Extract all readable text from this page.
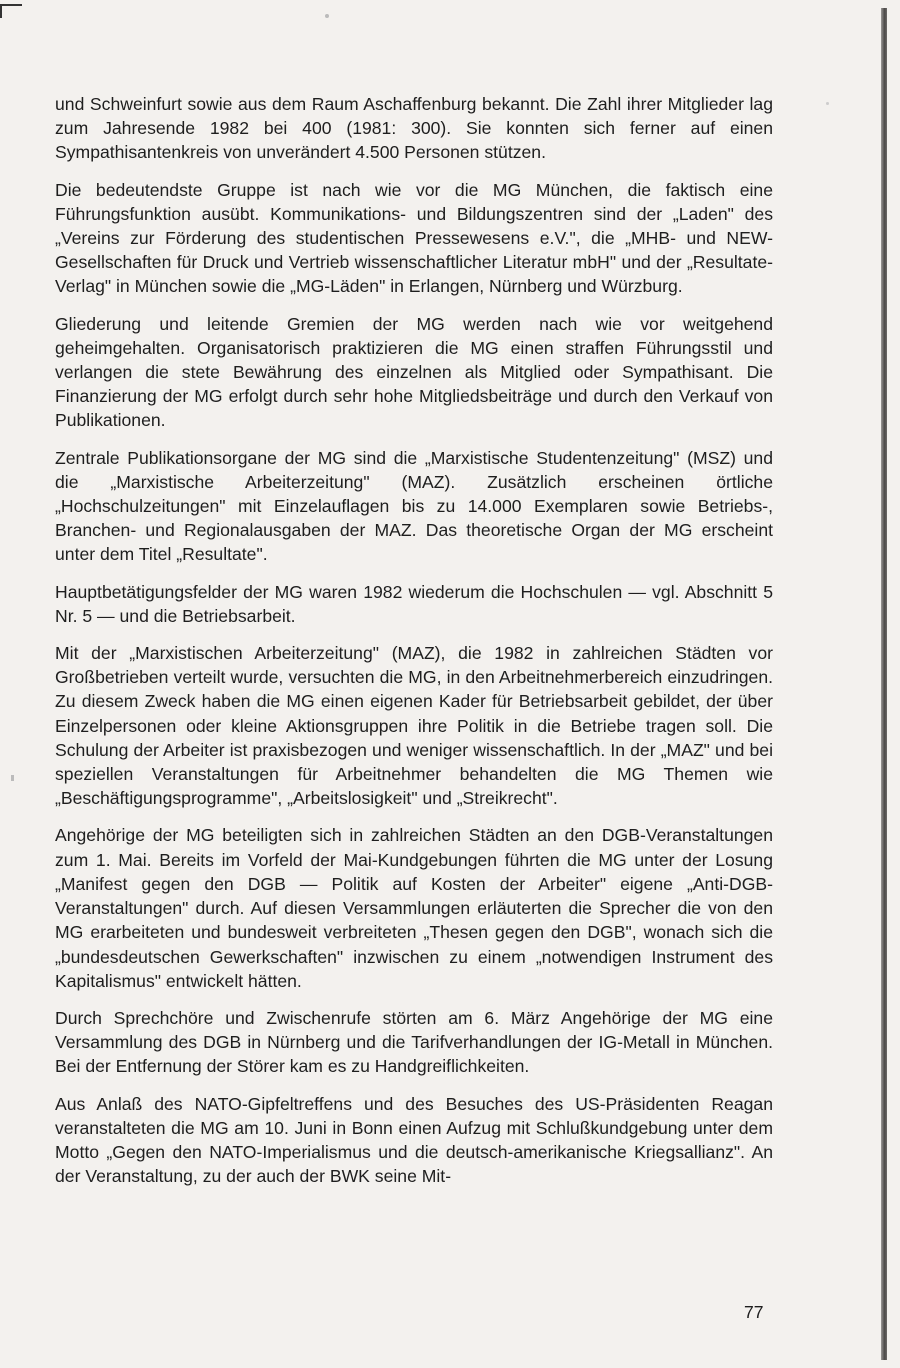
und Schweinfurt sowie aus dem Raum Aschaffenburg bekannt. Die Zahl ihrer Mitglieder lag zum Jahresende 1982 bei 400 (1981: 300). Sie konnten sich ferner auf einen Sympathisantenkreis von unverändert 4.500 Personen stützen.

Die bedeutendste Gruppe ist nach wie vor die MG München, die faktisch eine Führungsfunktion ausübt. Kommunikations- und Bildungszentren sind der „Laden" des „Vereins zur Förderung des studentischen Pressewesens e.V.", die „MHB- und NEW-Gesellschaften für Druck und Vertrieb wissenschaftlicher Literatur mbH" und der „Resultate-Verlag" in München sowie die „MG-Läden" in Erlangen, Nürnberg und Würzburg.

Gliederung und leitende Gremien der MG werden nach wie vor weitgehend geheimgehalten. Organisatorisch praktizieren die MG einen straffen Führungsstil und verlangen die stete Bewährung des einzelnen als Mitglied oder Sympathisant. Die Finanzierung der MG erfolgt durch sehr hohe Mitgliedsbeiträge und durch den Verkauf von Publikationen.

Zentrale Publikationsorgane der MG sind die „Marxistische Studentenzeitung" (MSZ) und die „Marxistische Arbeiterzeitung" (MAZ). Zusätzlich erscheinen örtliche „Hochschulzeitungen" mit Einzelauflagen bis zu 14.000 Exemplaren sowie Betriebs-, Branchen- und Regionalausgaben der MAZ. Das theoretische Organ der MG erscheint unter dem Titel „Resultate".

Hauptbetätigungsfelder der MG waren 1982 wiederum die Hochschulen — vgl. Abschnitt 5 Nr. 5 — und die Betriebsarbeit.

Mit der „Marxistischen Arbeiterzeitung" (MAZ), die 1982 in zahlreichen Städten vor Großbetrieben verteilt wurde, versuchten die MG, in den Arbeitnehmerbereich einzudringen. Zu diesem Zweck haben die MG einen eigenen Kader für Betriebsarbeit gebildet, der über Einzelpersonen oder kleine Aktionsgruppen ihre Politik in die Betriebe tragen soll. Die Schulung der Arbeiter ist praxisbezogen und weniger wissenschaftlich. In der „MAZ" und bei speziellen Veranstaltungen für Arbeitnehmer behandelten die MG Themen wie „Beschäftigungsprogramme", „Arbeitslosigkeit" und „Streikrecht".

Angehörige der MG beteiligten sich in zahlreichen Städten an den DGB-Veranstaltungen zum 1. Mai. Bereits im Vorfeld der Mai-Kundgebungen führten die MG unter der Losung „Manifest gegen den DGB — Politik auf Kosten der Arbeiter" eigene „Anti-DGB-Veranstaltungen" durch. Auf diesen Versammlungen erläuterten die Sprecher die von den MG erarbeiteten und bundesweit verbreiteten „Thesen gegen den DGB", wonach sich die „bundesdeutschen Gewerkschaften" inzwischen zu einem „notwendigen Instrument des Kapitalismus" entwickelt hätten.

Durch Sprechchöre und Zwischenrufe störten am 6. März Angehörige der MG eine Versammlung des DGB in Nürnberg und die Tarifverhandlungen der IG-Metall in München. Bei der Entfernung der Störer kam es zu Handgreiflichkeiten.

Aus Anlaß des NATO-Gipfeltreffens und des Besuches des US-Präsidenten Reagan veranstalteten die MG am 10. Juni in Bonn einen Aufzug mit Schlußkundgebung unter dem Motto „Gegen den NATO-Imperialismus und die deutsch-amerikanische Kriegsallianz". An der Veranstaltung, zu der auch der BWK seine Mit-

77
